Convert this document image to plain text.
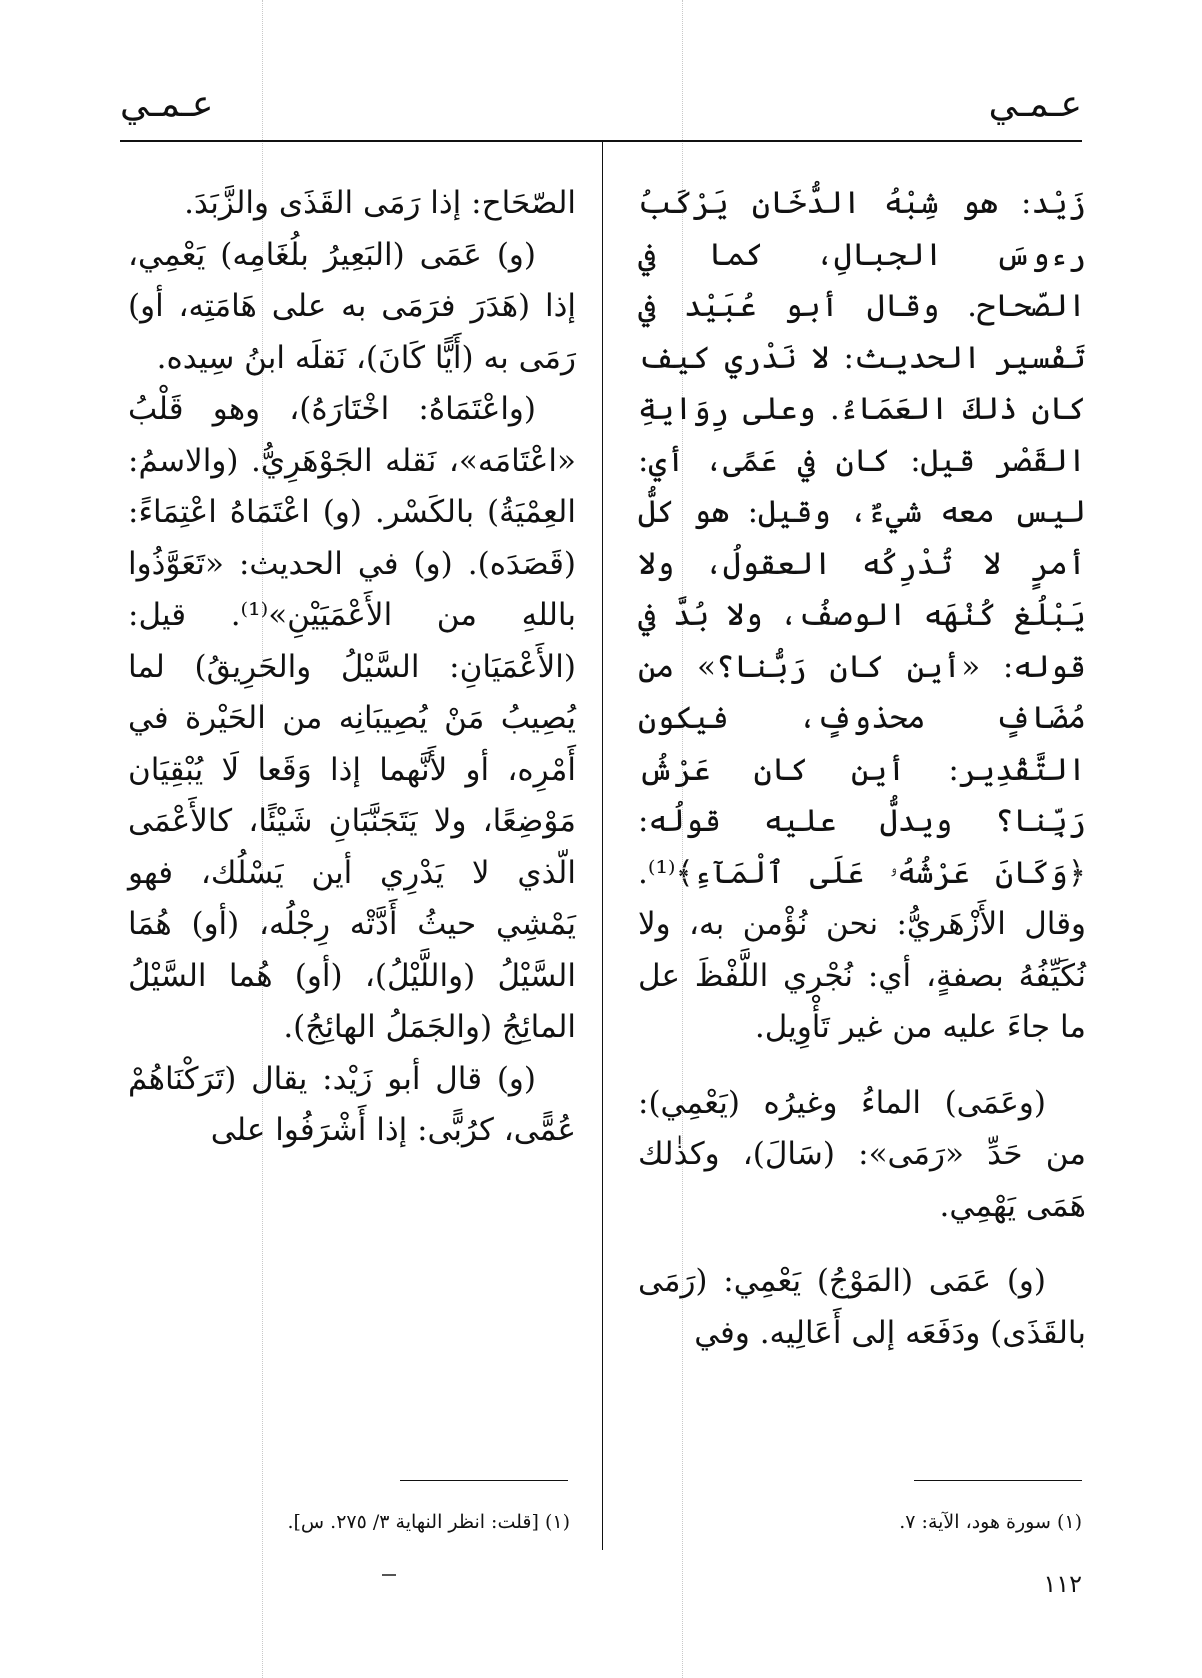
عـمـي	عـمـي

زَيْد: هو شِبْهُ الدُّخَان يَرْكَبُ رءوسَ الجبالِ، كما في الصّحاح. وقال أبو عُبَيْد في تَفْسير الحديث: لا نَدْري كيف كان ذٰلكَ العَمَاءُ. وعلى رِوَايةِ القَصْر قيل: كان في عَمًى، أي: ليس معه شيءٌ، وقيل: هو كلُّ أمرٍ لا تُدْرِكُه العقولُ، ولا يَبْلُغ كُنْهَه الوصفُ، ولا بُدَّ في قوله: «أين كان رَبُّنا؟» من مُضَافٍ محذوفٍ، فيكون التَّقْدِير: أين كان عَرْشُ رَبِّنا؟ ويدلُّ عليه قولُه: ﴿وَكَانَ عَرْشُهُۥ عَلَى ٱلْمَآءِ﴾⁽¹⁾. وقال الأَزْهَريُّ: نحن نُؤْمن به، ولا نُكَيِّفُهُ بصفةٍ، أي: نُجْري اللَّفْظَ عل ما جاءَ عليه من غير تَأْوِيل.

(وعَمَى) الماءُ وغيرُه (يَعْمِي): من حَدِّ «رَمَى»: (سَالَ)، وكذٰلك هَمَى يَهْمِي.

(و) عَمَى (المَوْجُ) يَعْمِي: (رَمَى بالقَذَى) ودَفَعَه إلى أَعَالِيه. وفي

الصّحَاح: إذا رَمَى القَذَى والزَّبَدَ.

(و) عَمَى (البَعِيرُ بلُغَامِه) يَعْمِي، إذا (هَدَرَ فرَمَى به على هَامَتِه، أو) رَمَى به (أَيًّا كَانَ)، نَقلَه ابنُ سِيده.

(واعْتَمَاهُ: اخْتَارَهُ)، وهو قَلْبُ «اعْتَامَه»، نَقله الجَوْهَرِيُّ. (والاسمُ: العِمْيَةُ) بالكَسْر. (و) اعْتَمَاهُ اعْتِمَاءً: (قَصَدَه). (و) في الحديث: «تَعَوَّذُوا باللهِ من الأَعْمَيَيْنِ»⁽¹⁾. قيل: (الأَعْمَيَانِ: السَّيْلُ والحَرِيقُ) لما يُصِيبُ مَنْ يُصِيبَانِه من الحَيْرة في أَمْرِه، أو لأَنَّهما إذا وَقَعا لَا يُبْقِيَان مَوْضِعًا، ولا يَتَجَنَّبَانِ شَيْئًا، كالأَعْمَى الّذي لا يَدْرِي أين يَسْلُك، فهو يَمْشِي حيثُ أَدَّتْه رِجْلُه، (أو) هُمَا السَّيْلُ (واللَّيْلُ)، (أو) هُما السَّيْلُ المائِجُ (والجَمَلُ الهائِجُ).

(و) قال أبو زَيْد: يقال (تَرَكْنَاهُمْ عُمًّى، كرُبًّى: إذا أَشْرَفُوا على

(١) سورة هود، الآية: ٧.
(١) [قلت: انظر النهاية ٣/ ٢٧٥. س].
١١٢
